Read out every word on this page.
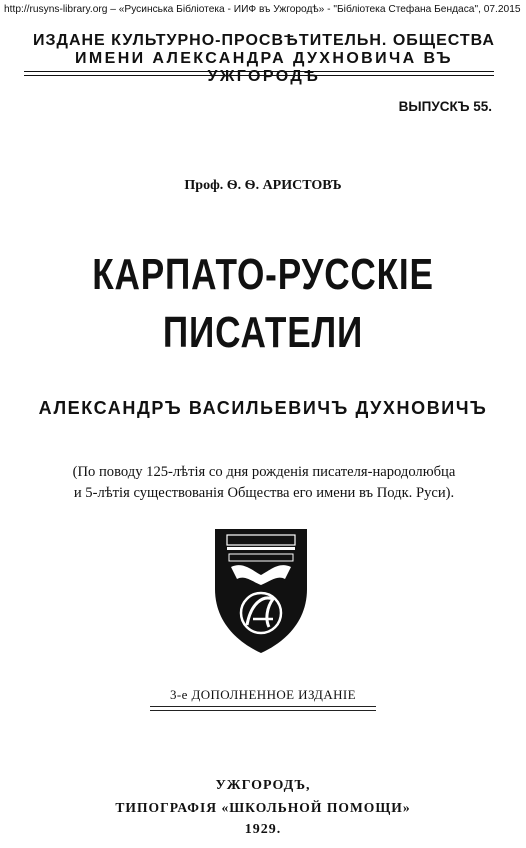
http://rusyns-library.org – «Русинська Бібліотека - ИИФ въ Ужгородѣ» - "Бібліотека Стефана Бендаса", 07.2015
ИЗДАНЕ КУЛЬТУРНО-ПРОСВѢТИТЕЛЬН. ОБЩЕСТВА
ИМЕНИ АЛЕКСАНДРА ДУХНОВИЧА ВЪ УЖГОРОДѢ
ВЫПУСКЪ 55.
Проф. Ѳ. Ѳ. АРИСТОВЪ
КАРПАТО-РУССКІЕ
ПИСАТЕЛИ
АЛЕКСАНДРЪ ВАСИЛЬЕВИЧЪ ДУХНОВИЧЪ
(По поводу 125-лѣтія со дня рожденія писателя-народолюбца
и 5-лѣтія существованія Общества его имени въ Подк. Руси).
3-е ДОПОЛНЕННОЕ ИЗДАНІЕ
УЖГОРОДЪ,
ТИПОГРАФІЯ «ШКОЛЬНОЙ ПОМОЩИ»
1929.
